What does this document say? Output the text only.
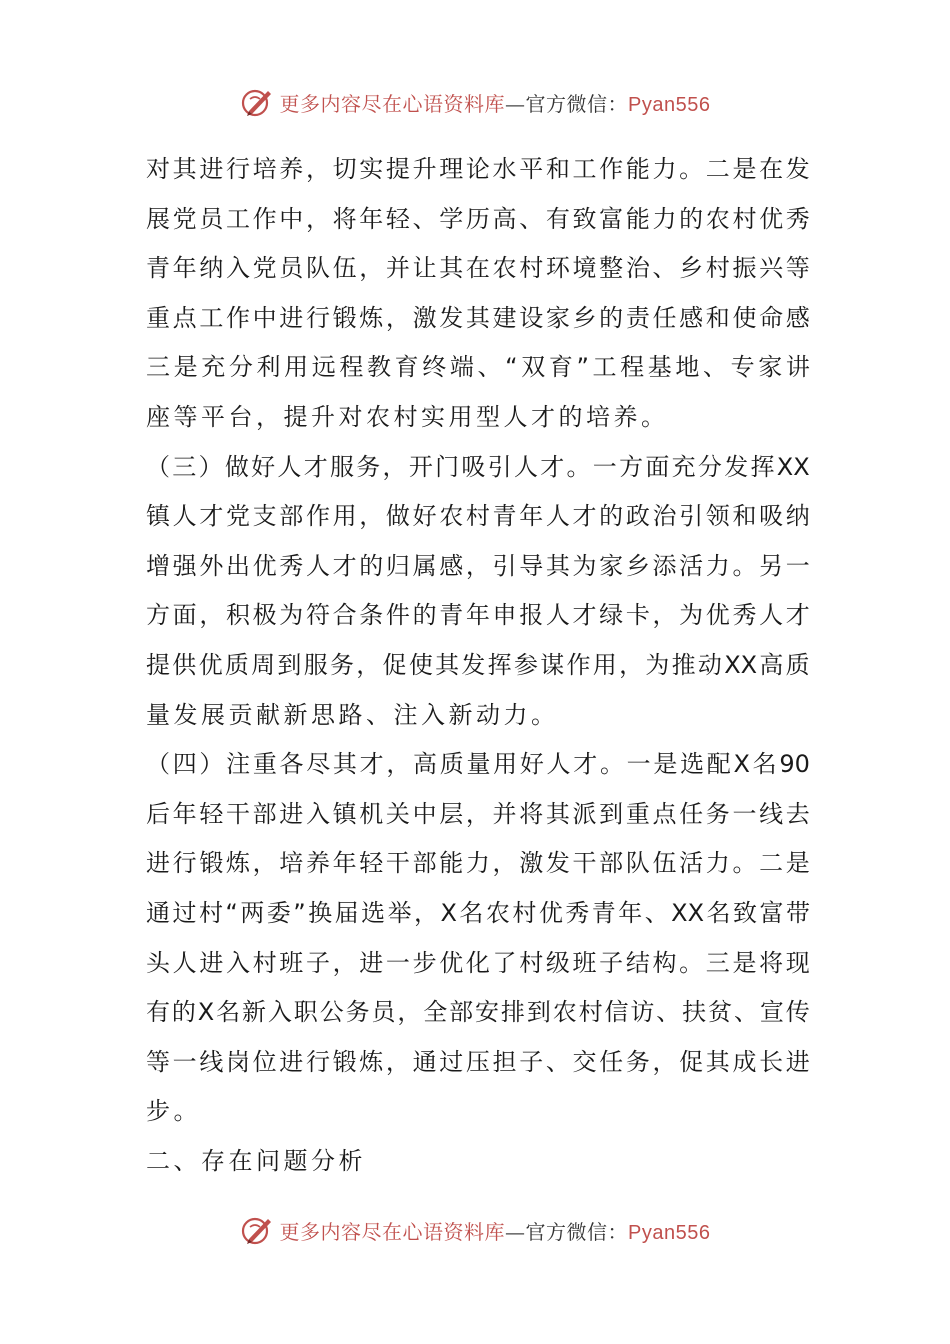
更多内容尽在心语资料库—官方微信：Pyan556
对 其 进 行 培 养 ， 切 实 提 升 理 论 水 平 和 工 作 能 力 。 二 是 在 发
展 党 员 工 作 中 ， 将 年 轻 、 学 历 高 、 有 致 富 能 力 的 农 村 优 秀
青 年 纳 入 党 员 队 伍 ， 并 让 其 在 农 村 环 境 整 治 、 乡 村 振 兴 等
重 点 工 作 中 进 行 锻 炼 ， 激 发 其 建 设 家 乡 的 责 任 感 和 使 命 感
三 是 充 分 利 用 远 程 教 育 终 端 、 “ 双 育 ” 工 程 基 地 、 专 家 讲
座等平台，提升对农村实用型人才的培养。
（ 三 ） 做 好 人 才 服 务 ， 开 门 吸 引 人 才 。 一 方 面 充 分 发 挥 XX
镇 人 才 党 支 部 作 用 ， 做 好 农 村 青 年 人 才 的 政 治 引 领 和 吸 纳
增 强 外 出 优 秀 人 才 的 归 属 感 ， 引 导 其 为 家 乡 添 活 力 。 另 一
方 面 ， 积 极 为 符 合 条 件 的 青 年 申 报 人 才 绿 卡 ， 为 优 秀 人 才
提 供 优 质 周 到 服 务 ， 促 使 其 发 挥 参 谋 作 用 ， 为 推 动 XX 高 质
量发展贡献新思路、注入新动力。
（ 四 ） 注 重 各 尽 其 才 ， 高 质 量 用 好 人 才 。 一 是 选 配 X 名 90
后 年 轻 干 部 进 入 镇 机 关 中 层 ， 并 将 其 派 到 重 点 任 务 一 线 去
进 行 锻 炼 ， 培 养 年 轻 干 部 能 力 ， 激 发 干 部 队 伍 活 力 。 二 是
通 过 村 “ 两 委 ” 换 届 选 举 ， X 名 农 村 优 秀 青 年 、 XX 名 致 富 带
头 人 进 入 村 班 子 ， 进 一 步 优 化 了 村 级 班 子 结 构 。 三 是 将 现
有 的 X 名 新 入 职 公 务 员 ， 全 部 安 排 到 农 村 信 访 、 扶 贫 、 宣 传
等 一 线 岗 位 进 行 锻 炼 ， 通 过 压 担 子 、 交 任 务 ， 促 其 成 长 进
步。
二、存在问题分析
更多内容尽在心语资料库—官方微信：Pyan556
